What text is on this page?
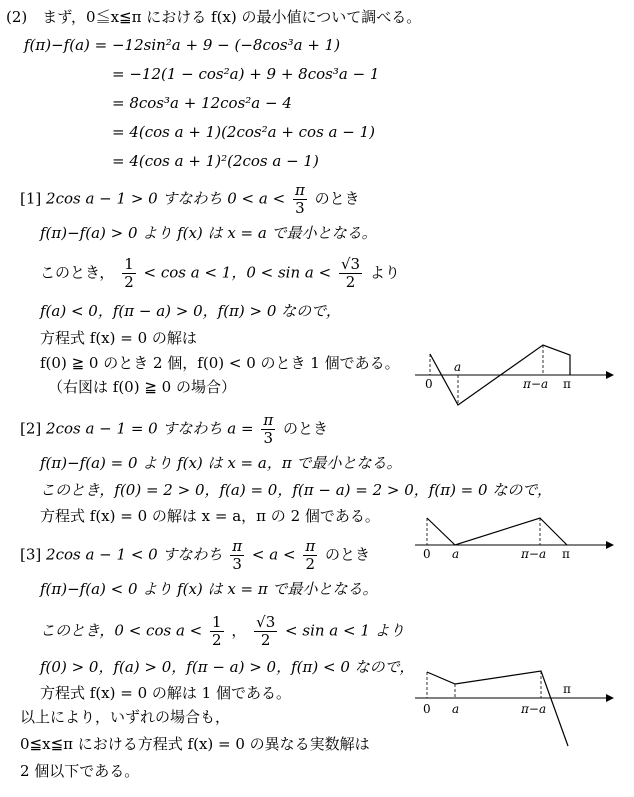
(2)　まず，0≦x≦π における f(x) の最小値について調べる。
f(π)−f(a) = −12sin²a + 9 − (−8cos³a + 1)
= −12(1 − cos²a) + 9 + 8cos³a − 1
= 8cos³a + 12cos²a − 4
= 4(cos a + 1)(2cos²a + cos a − 1)
= 4(cos a + 1)²(2cos a − 1)
[1] 2cos a − 1 > 0 すなわち $0 < a < \frac{\pi}{3}$ のとき
f(π)−f(a) > 0 より f(x) は x = a で最小となる。
このとき， $\frac{1}{2} < \cos a < 1$，$0 < \sin a < \frac{√3}{2}$ より
f(a) < 0，f(π − a) > 0，f(π) > 0 なので，
方程式 f(x) = 0 の解は
f(0) ≧ 0 のとき 2 個，f(0) < 0 のとき 1 個である。
（右図は f(0) ≧ 0 の場合）	0
a
π−a π
[2] 2cos a − 1 = 0 すなわち $a = \frac{\pi}{3}$ のとき
f(π)−f(a) = 0 より f(x) は x = a，π で最小となる。
このとき，f(0) = 2 > 0，f(a) = 0，f(π − a) = 2 > 0，f(π) = 0 なので，
方程式 f(x) = 0 の解は x = a，π の 2 個である。
0 a	π−a π
[3] 2cos a − 1 < 0 すなわち $\frac{\pi}{3} < a < \frac{\pi}{2}$ のとき
f(π)−f(a) < 0 より f(x) は x = π で最小となる。
このとき，$0 < \cos a < \frac{1}{2}$ ， $\frac{√3}{2} < \sin a < 1$ より
f(0) > 0，f(a) > 0，f(π − a) > 0，f(π) < 0 なので，
方程式 f(x) = 0 の解は 1 個である。
0 a	π−a
π
以上により，いずれの場合も，
0≦x≦π における方程式 f(x) = 0 の異なる実数解は
2 個以下である。
